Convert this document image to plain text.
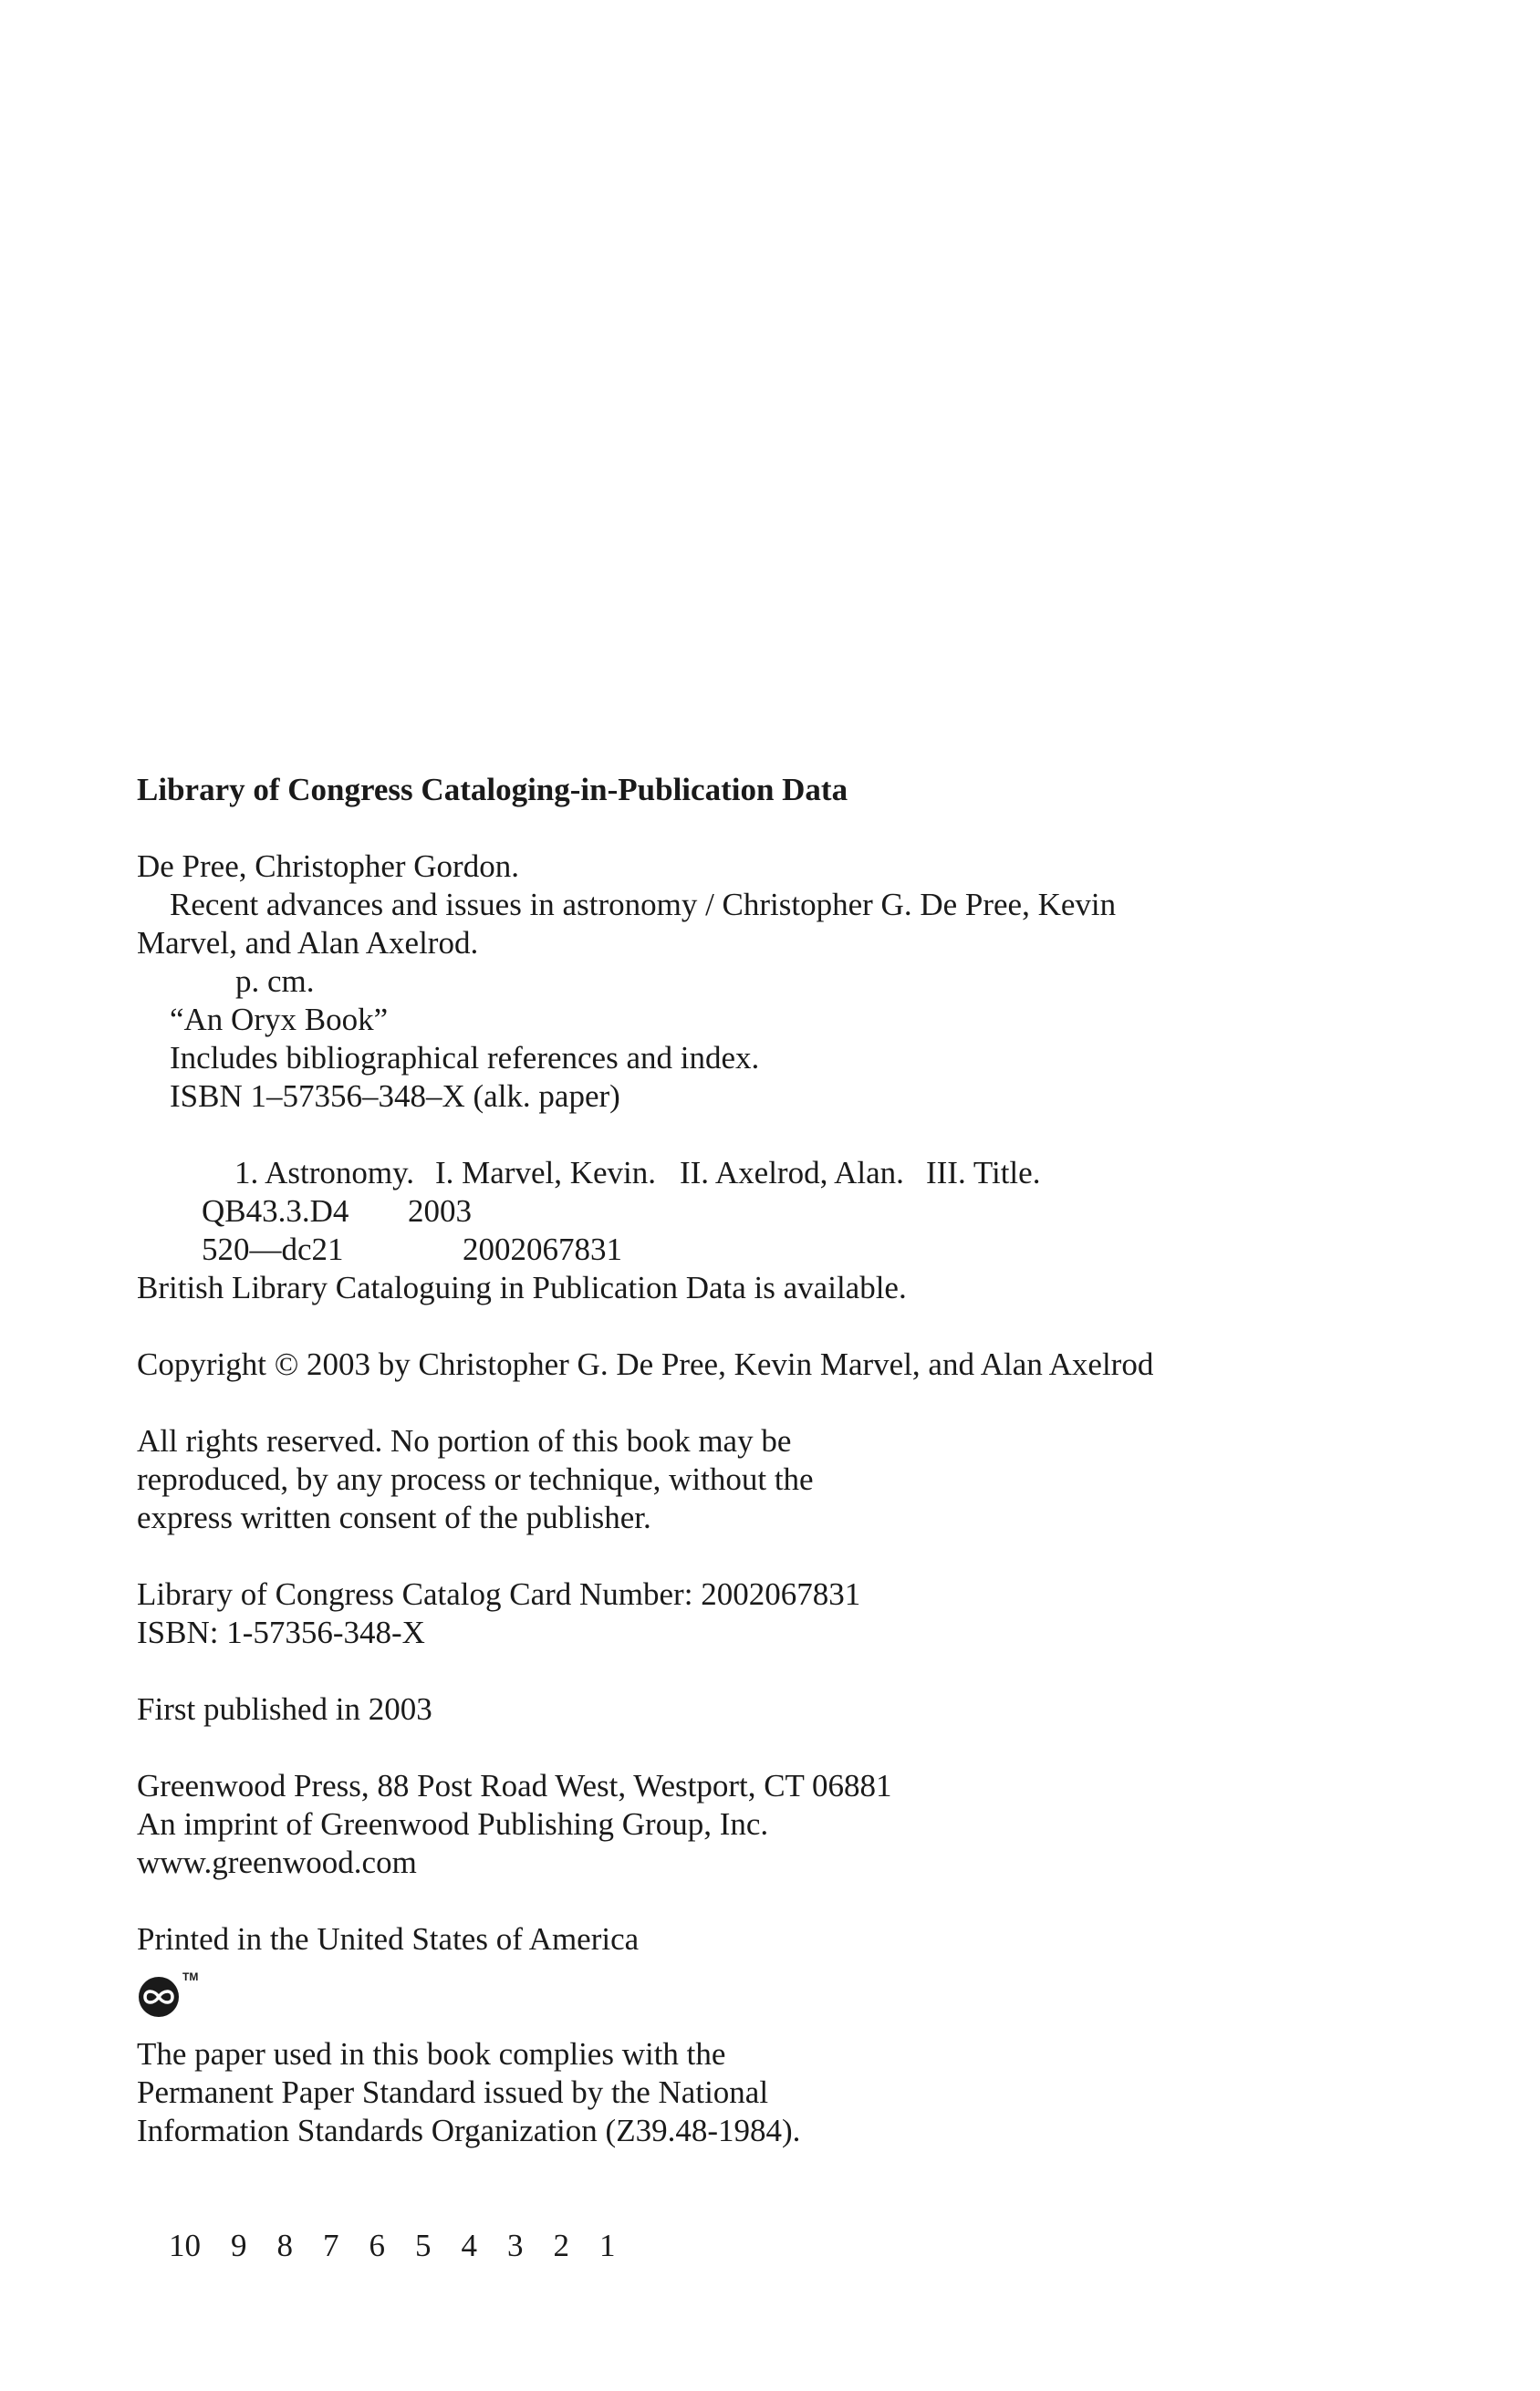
Library of Congress Cataloging-in-Publication Data
De Pree, Christopher Gordon.
Recent advances and issues in astronomy / Christopher G. De Pree, Kevin
Marvel, and Alan Axelrod.
p. cm.
“An Oryx Book”
Includes bibliographical references and index.
ISBN 1–57356–348–X (alk. paper)

1. Astronomy. I. Marvel, Kevin. II. Axelrod, Alan. III. Title.

QB43.3.D4 2003

520—dc21	2002067831

British Library Cataloguing in Publication Data is available.
Copyright © 2003 by Christopher G. De Pree, Kevin Marvel, and Alan Axelrod
All rights reserved. No portion of this book may be
reproduced, by any process or technique, without the
express written consent of the publisher.
Library of Congress Catalog Card Number: 2002067831
ISBN: 1-57356-348-X
First published in 2003
Greenwood Press, 88 Post Road West, Westport, CT 06881
An imprint of Greenwood Publishing Group, Inc.
www.greenwood.com
Printed in the United States of America
TM
The paper used in this book complies with the
Permanent Paper Standard issued by the National
Information Standards Organization (Z39.48-1984).

10 9 8 7 6 5 4 3 2 1
